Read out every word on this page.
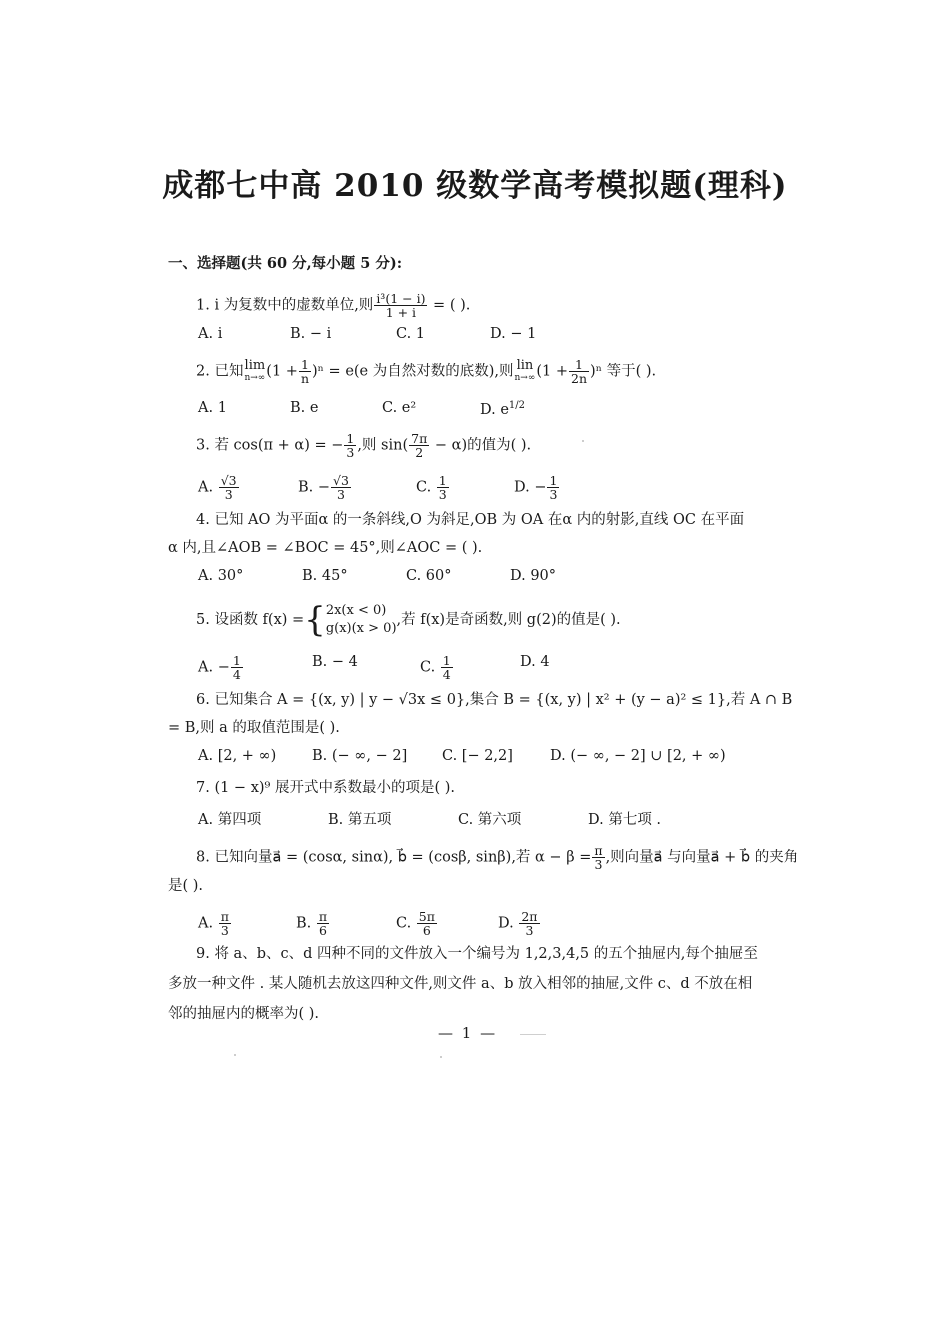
成都七中高 2010 级数学高考模拟题(理科)
一、选择题(共 60 分,每小题 5 分):
1. i 为复数中的虚数单位,则 $\frac{\text{i³(1 − i)}}{1 + i}$ = ( ).
A. i	B. − i	C. 1	D. − 1
2. 已知 lim
n→∞ $(1 + \frac{1}{n} )^n = e(e$ 为自然对数的底数),则 lin
n→∞ $(1 + \frac{1}{2n} )^n$ 等于( ).
A. 1	B. e	C. e²	D. $e^{1/2}$
3. 若 cos(π + α) = − $\frac{1}{3}$ ,则 $\sin( \frac{7\pi}{2} - \alpha)$的值为( ).
A. $\frac{√3}{3}$	B. − $\frac{√3}{3}$	C. $\frac{1}{3}$	D. − $\frac{1}{3}$
4. 已知 AO 为平面α 的一条斜线,O 为斜足,OB 为 OA 在α 内的射影,直线 OC 在平面
α 内,且∠AOB = ∠BOC = 45°,则∠AOC = ( ).
A. 30°	B. 45°	C. 60°	D. 90°
5. 设函数 f(x) ={ 2x(x < 0)
g(x)(x > 0)
,若 f(x)是奇函数,则 g(2)的值是( ).
A. − $\frac{1}{4}$	B. − 4	C. $\frac{1}{4}$	D. 4
6. 已知集合 A = {(x, y) | y − √3x ≤ 0},集合 B = {(x, y) | x² + (y − a)² ≤ 1},若 A ∩ B
= B,则 a 的取值范围是( ).
A. [2, + ∞) B. (− ∞, − 2] C. [− 2,2]	D. (− ∞, − 2] ∪ [2, + ∞)
7. (1 − x)⁹ 展开式中系数最小的项是( ).
A. 第四项	B. 第五项	C. 第六项	D. 第七项 .
8. 已知向量a⃗ = (cosα, sinα), b⃗ = (cosβ, sinβ),若 $\alpha - \beta = \frac{\pi}{3}$ ,则向量a⃗ 与向量a⃗ + b⃗ 的夹角
是( ).
A. $\frac{\pi}{3}$	B. $\frac{\pi}{6}$	C. $\frac{5\pi}{6}$	D. $\frac{2\pi}{3}$
9. 将 a、b、c、d 四种不同的文件放入一个编号为 1,2,3,4,5 的五个抽屉内,每个抽屉至
多放一种文件 . 某人随机去放这四种文件,则文件 a、b 放入相邻的抽屉,文件 c、d 不放在相
邻的抽屉内的概率为( ).
— 1 —
